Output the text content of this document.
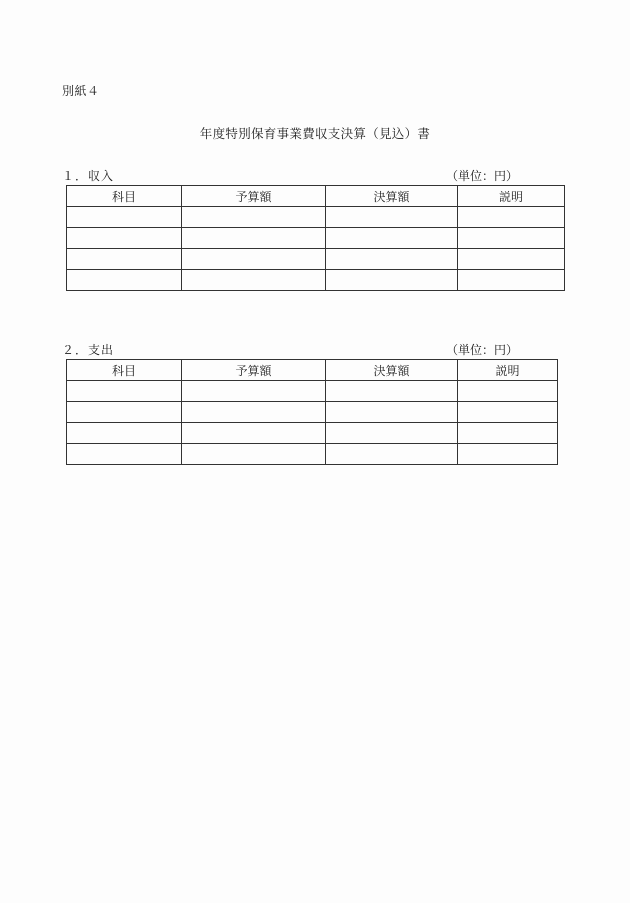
別紙４
年度特別保育事業費収支決算（見込）書
１．収入	（単位：円）
科目	予算額	決算額	説明

２．支出	（単位：円）
科目	予算額	決算額	説明
